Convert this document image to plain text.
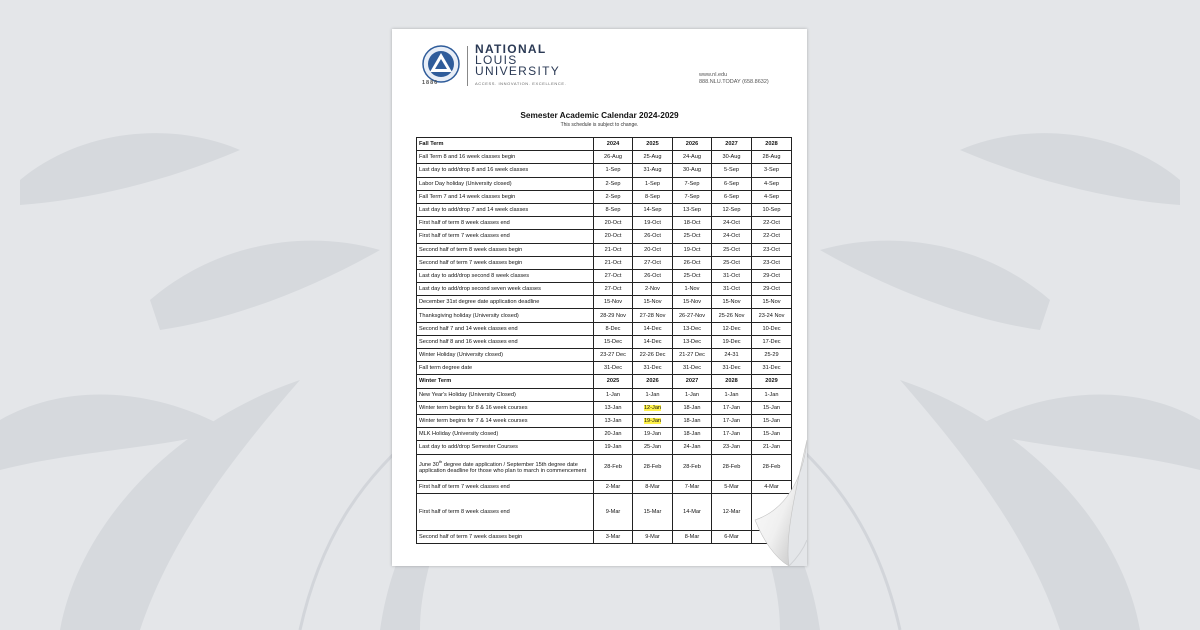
1886
NATIONAL
LOUIS
UNIVERSITY
ACCESS. INNOVATION. EXCELLENCE.
www.nl.edu
888.NLU.TODAY (658.8632)
Semester Academic Calendar 2024-2029
This schedule is subject to change.
Fall Term	2024	2025	2026	2027	2028
Fall Term 8 and 16 week classes begin	26-Aug	25-Aug	24-Aug	30-Aug	28-Aug
Last day to add/drop 8 and 16 week classes	1-Sep	31-Aug	30-Aug	5-Sep	3-Sep
Labor Day holiday (University closed)	2-Sep	1-Sep	7-Sep	6-Sep	4-Sep
Fall Term 7 and 14 week classes begin	2-Sep	8-Sep	7-Sep	6-Sep	4-Sep
Last day to add/drop 7 and 14 week classes	8-Sep	14-Sep	13-Sep	12-Sep	10-Sep
First half of term 8 week classes end	20-Oct	19-Oct	18-Oct	24-Oct	22-Oct
First half of term 7 week classes end	20-Oct	26-Oct	25-Oct	24-Oct	22-Oct
Second half of term 8 week classes begin	21-Oct	20-Oct	19-Oct	25-Oct	23-Oct
Second half of term 7 week classes begin	21-Oct	27-Oct	26-Oct	25-Oct	23-Oct
Last day to add/drop second 8 week classes	27-Oct	26-Oct	25-Oct	31-Oct	29-Oct
Last day to add/drop second seven week classes	27-Oct	2-Nov	1-Nov	31-Oct	29-Oct
December 31st degree date application deadline	15-Nov	15-Nov	15-Nov	15-Nov	15-Nov
Thanksgiving holiday (University closed)	28-29 Nov	27-28 Nov	26-27-Nov	25-26 Nov	23-24 Nov
Second half 7 and 14 week classes end	8-Dec	14-Dec	13-Dec	12-Dec	10-Dec
Second half 8 and 16 week classes end	15-Dec	14-Dec	13-Dec	19-Dec	17-Dec
Winter Holiday (University closed)	23-27 Dec	22-26 Dec	21-27 Dec	24-31	25-29
Fall term degree date	31-Dec	31-Dec	31-Dec	31-Dec	31-Dec
Winter Term	2025	2026	2027	2028	2029
New Year's Holiday (University Closed)	1-Jan	1-Jan	1-Jan	1-Jan	1-Jan
Winter term begins for 8 & 16 week courses	13-Jan	12-Jan	18-Jan	17-Jan	15-Jan
Winter term begins for 7 & 14 week courses	13-Jan	19-Jan	18-Jan	17-Jan	15-Jan
MLK Holiday (University closed)	20-Jan	19-Jan	18-Jan	17-Jan	15-Jan
Last day to add/drop Semester Courses	19-Jan	25-Jan	24-Jan	23-Jan	21-Jan
June 30th degree date application / September 15th degree date application deadline for those who plan to march in commencement	28-Feb	28-Feb	28-Feb	28-Feb	28-Feb
First half of term 7 week classes end	2-Mar	8-Mar	7-Mar	5-Mar	4-Mar
First half of term 8 week classes end	9-Mar	15-Mar	14-Mar	12-Mar	
Second half of term 7 week classes begin	3-Mar	9-Mar	8-Mar	6-Mar	
